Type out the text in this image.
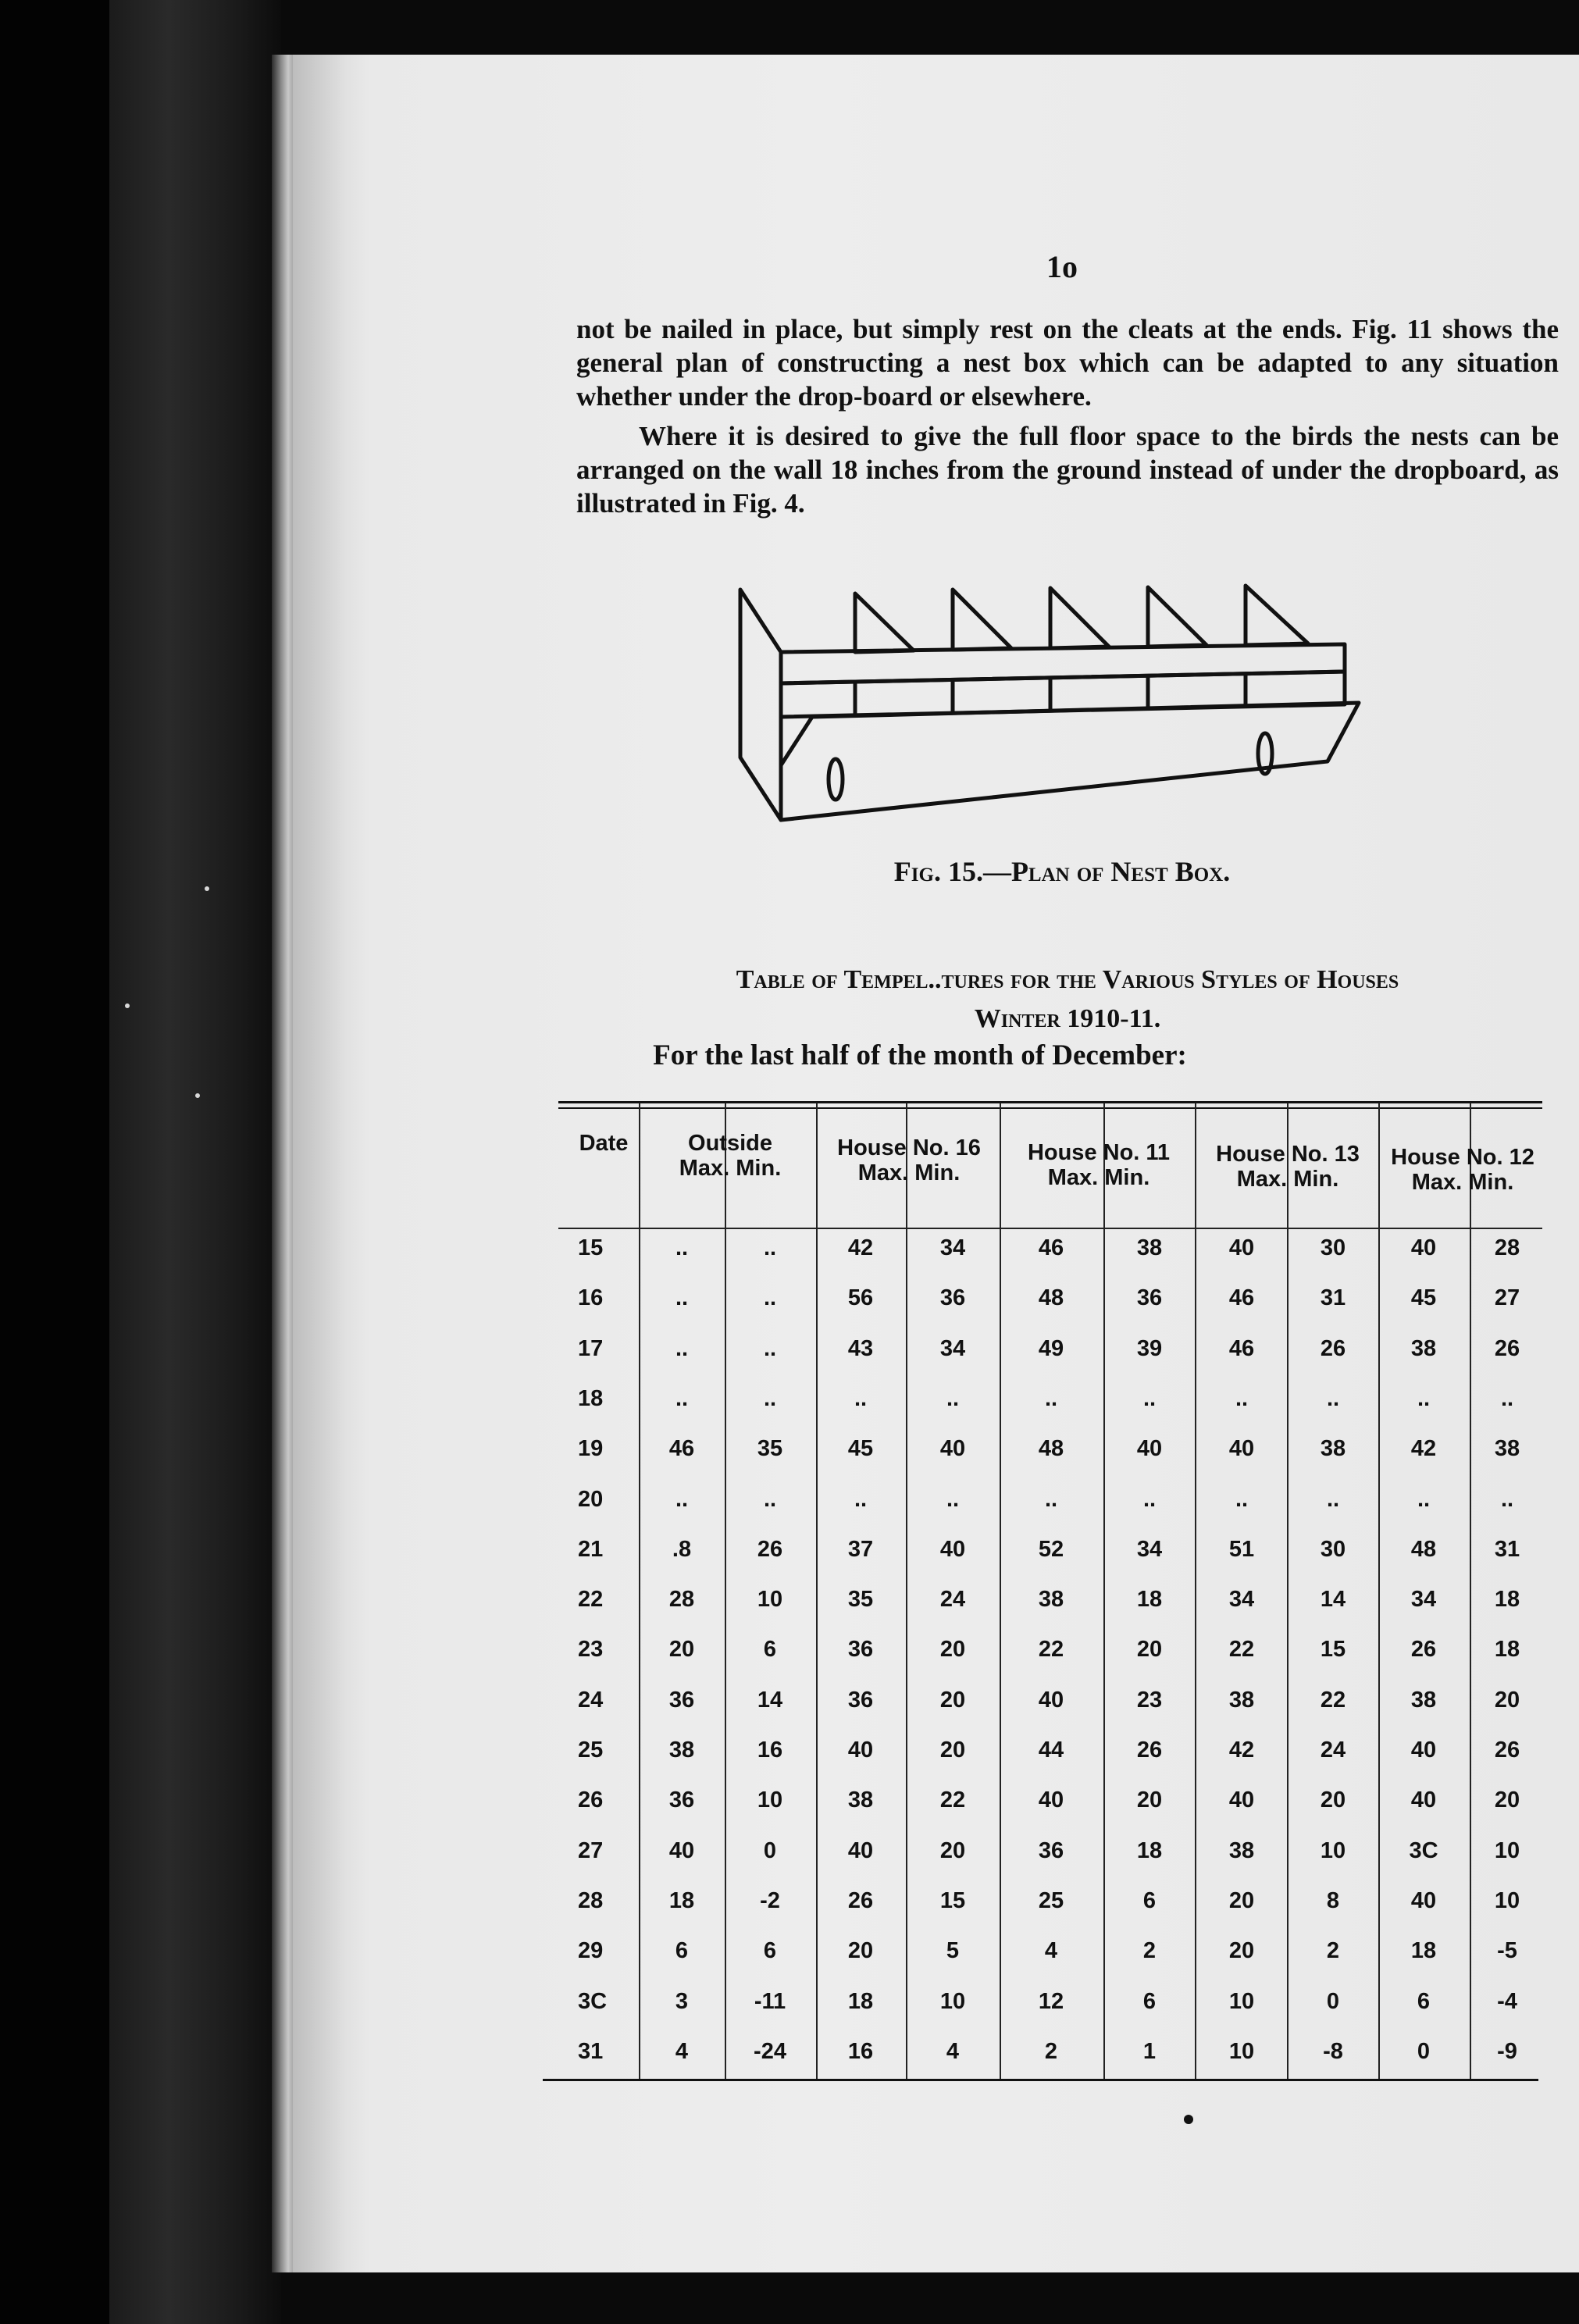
1o

not be nailed in place, but simply rest on the cleats at the ends. Fig. 11 shows the general plan of constructing a nest box which can be adapted to any situation whether under the drop-board or elsewhere.

Where it is desired to give the full floor space to the birds the nests can be arranged on the wall 18 inches from the ground instead of under the dropboard, as illustrated in Fig. 4.

Fig. 15.—Plan of Nest Box.
Table of Tempel..tures for the Various Styles of Houses
Winter 1910-11.
For the last half of the month of December:
Date	Outside
Max. Min.
House No. 16
Max. Min.
House No. 11
Max. Min.
House No. 13
Max. Min.
House No. 12
Max. Min.
15	..	..	42	34	46	38	40	30	40	28
16	..	..	56	36	48	36	46	31	45	27
17	..	..	43	34	49	39	46	26	38	26
18	..	..	..	..	..	..	..	..	..	..
19	46	35	45	40	48	40	40	38	42	38
20	..	..	..	..	..	..	..	..	..	..
21	.8	26	37	40	52	34	51	30	48	31
22	28	10	35	24	38	18	34	14	34	18
23	20	6	36	20	22	20	22	15	26	18
24	36	14	36	20	40	23	38	22	38	20
25	38	16	40	20	44	26	42	24	40	26
26	36	10	38	22	40	20	40	20	40	20
27	40	0	40	20	36	18	38	10	3C	10
28	18	-2	26	15	25	6	20	8	40	10
29	6	6	20	5	4	2	20	2	18	-5
3C	3	-11	18	10	12	6	10	0	6	-4
31	4	-24	16	4	2	1	10	-8	0	-9
